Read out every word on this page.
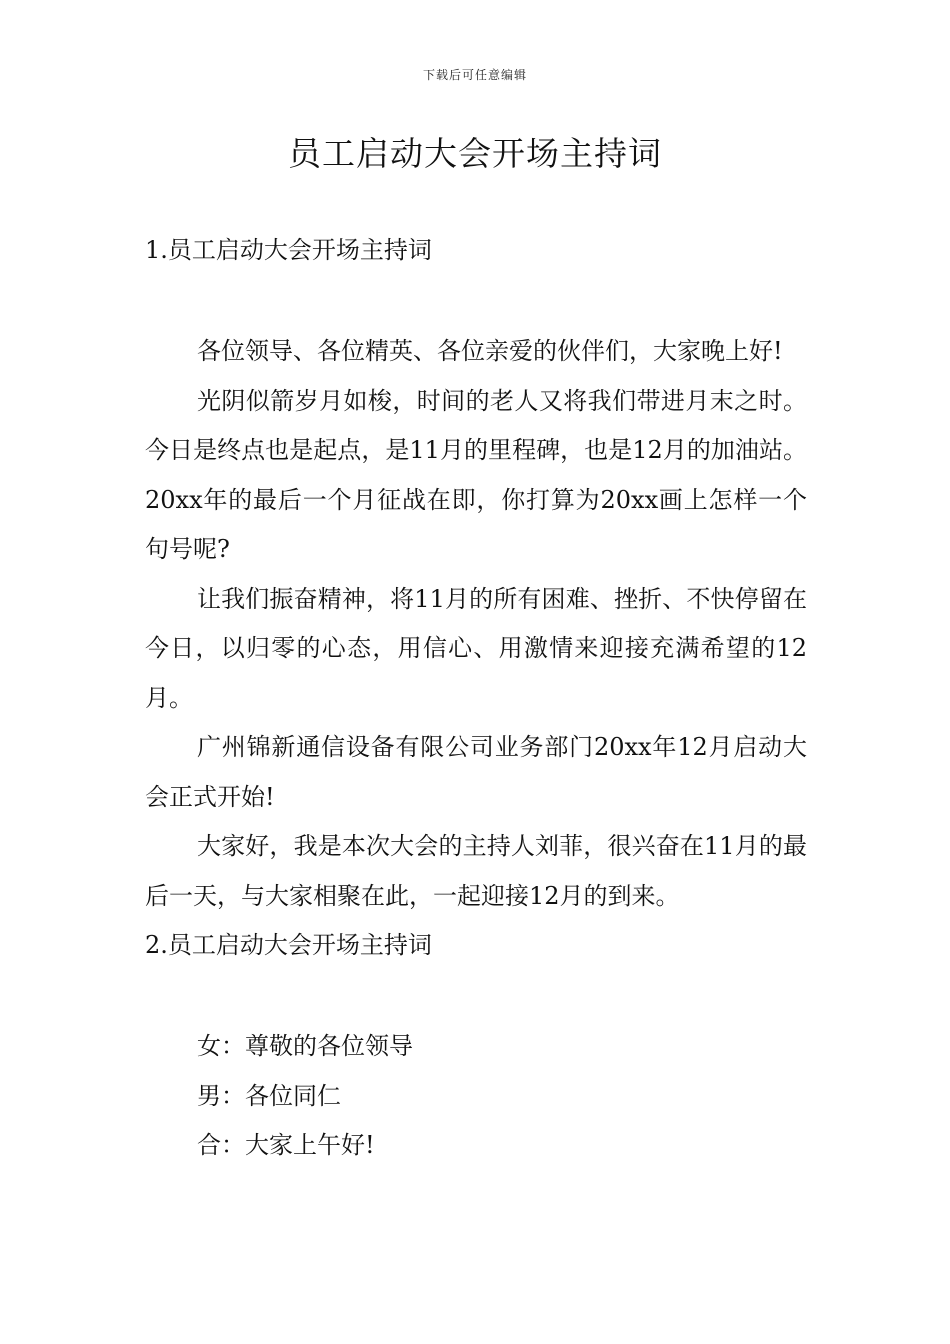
下载后可任意编辑
员工启动大会开场主持词

1.员工启动大会开场主持词

各位领导、各位精英、各位亲爱的伙伴们，大家晚上好!

光阴似箭岁月如梭，时间的老人又将我们带进月末之时。今日是终点也是起点，是11月的里程碑，也是12月的加油站。20xx年的最后一个月征战在即，你打算为20xx画上怎样一个句号呢?

让我们振奋精神，将11月的所有困难、挫折、不快停留在今日，以归零的心态，用信心、用激情来迎接充满希望的12月。

广州锦新通信设备有限公司业务部门20xx年12月启动大会正式开始!

大家好，我是本次大会的主持人刘菲，很兴奋在11月的最后一天，与大家相聚在此，一起迎接12月的到来。

2.员工启动大会开场主持词

女：尊敬的各位领导

男：各位同仁

合：大家上午好!
